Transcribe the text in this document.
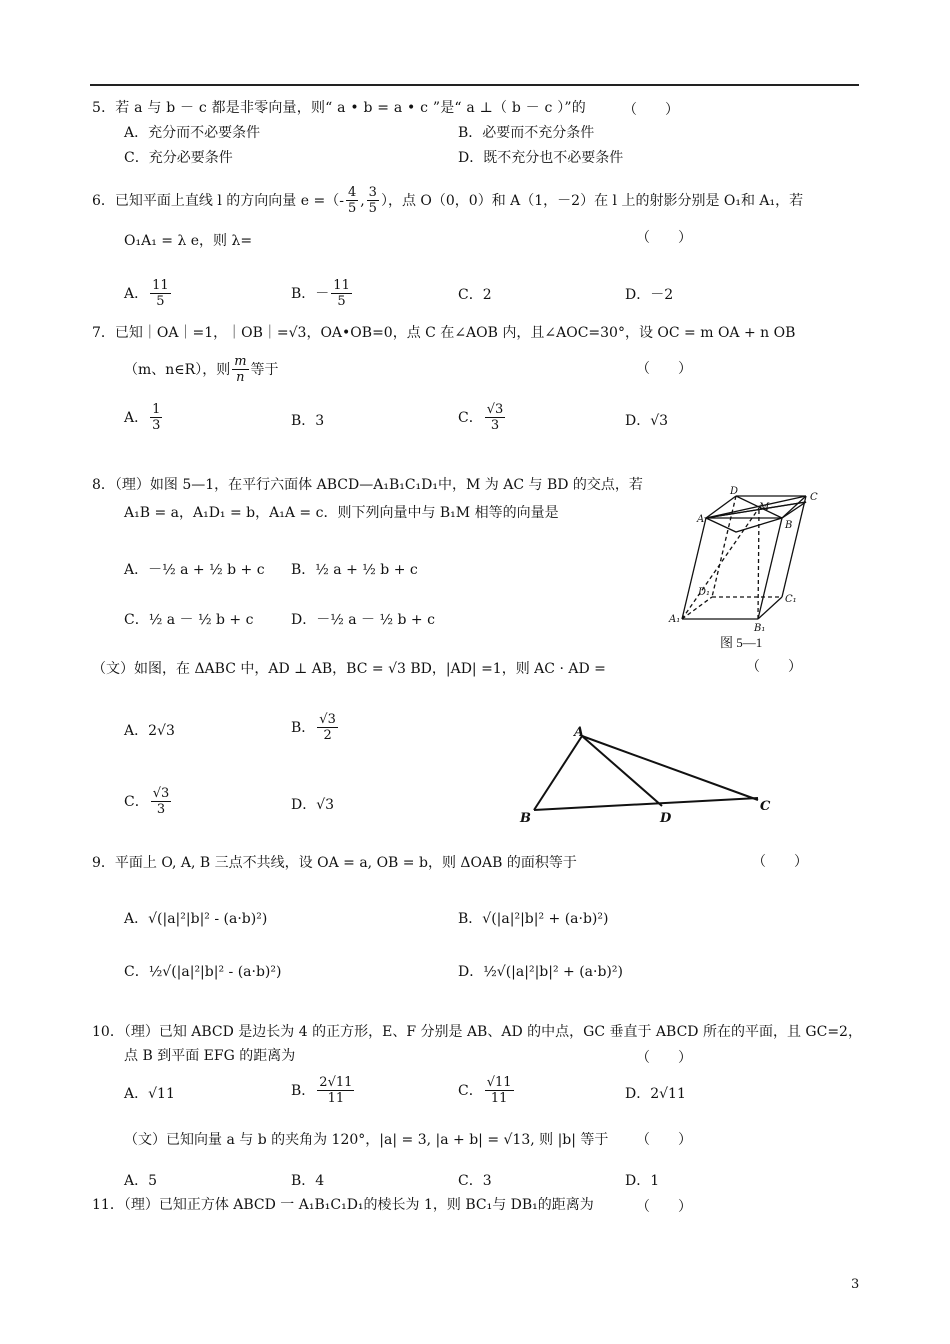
5．若 a 与 b － c 都是非零向量，则“ a • b = a • c ”是“ a ⊥（ b － c ）”的	（　　）
A．充分而不必要条件	B．必要而不充分条件
C．充分必要条件	D．既不充分也不必要条件
6．已知平面上直线 l 的方向向量 e =（- $\frac{4}{5}$ , $\frac{3}{5}$ ），点 O（0，0）和 A（1，－2）在 l 上的射影分别是 O₁和 A₁，若
O₁A₁ = λ e，则 λ=	（　　）
A． $\frac{11}{5}$	B．－ $\frac{11}{5}$	C．2	D．－2
7．已知｜OA｜=1，｜OB｜=√3，OA•OB=0，点 C 在∠AOB 内，且∠AOC=30°，设 OC = m OA + n OB
（m、n∈R），则 $\frac{m}{n}$ 等于	（　　）
A． $\frac{1}{3}$	B．3	C． $\frac{√3}{3}$	D．√3
8．（理）如图 5—1，在平行六面体 ABCD—A₁B₁C₁D₁中，M 为 AC 与 BD 的交点，若
A₁B = a，A₁D₁ = b，A₁A = c．则下列向量中与 B₁M 相等的向量是
A．－½ a + ½ b + c B．½ a + ½ b + c
C．½ a － ½ b + c	D．－½ a － ½ b + c
D
M
C
A
B
D₁
C₁
A₁
B₁
图 5—1
（文）如图，在 ΔABC 中，AD ⊥ AB，BC = √3 BD，|AD| =1，则 AC · AD =	（　　）
A．2√3	B． $\frac{√3}{2}$
C． $\frac{√3}{3}$	D．√3
A
B	D
C
9．平面上 O, A, B 三点不共线，设 OA = a, OB = b，则 ΔOAB 的面积等于	（　　）
A．√(|a|²|b|² - (a·b)²)	B．√(|a|²|b|² + (a·b)²)
C．½√(|a|²|b|² - (a·b)²)	D．½√(|a|²|b|² + (a·b)²)
10．（理）已知 ABCD 是边长为 4 的正方形，E、F 分别是 AB、AD 的中点，GC 垂直于 ABCD 所在的平面，且 GC=2，
点 B 到平面 EFG 的距离为	（　　）
A．√11	B． $\frac{2√11}{11}$	C． $\frac{√11}{11}$	D．2√11
（文）已知向量 a 与 b 的夹角为 120°，|a| = 3, |a + b| = √13, 则 |b| 等于 （　　）
A．5	B．4	C．3	D．1
11．（理）已知正方体 ABCD 一 A₁B₁C₁D₁的棱长为 1，则 BC₁与 DB₁的距离为	（　　）
3
